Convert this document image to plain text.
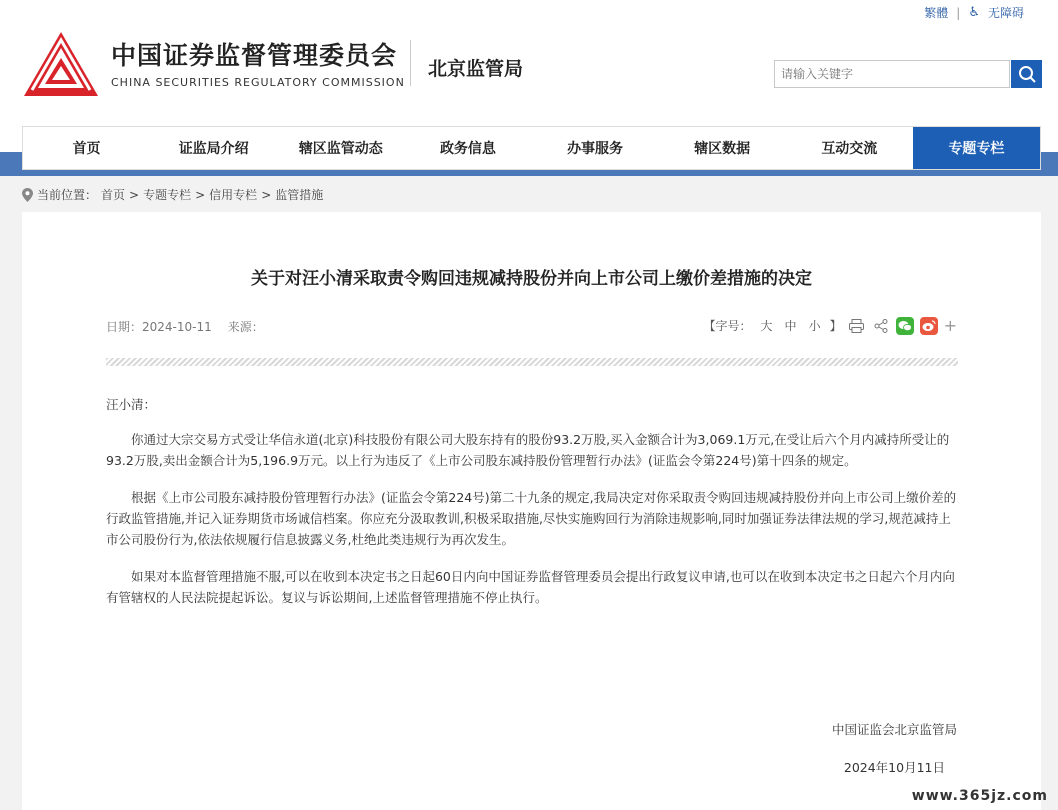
中国证券监督管理委员会
CHINA SECURITIES REGULATORY COMMISSION
北京监管局
繁體 | ♿ 无障碍
请输入关键字
首页	证监局介绍	辖区监管动态	政务信息	办事服务	辖区数据	互动交流	专题专栏
当前位置： 首页 > 专题专栏 > 信用专栏 > 监管措施
关于对汪小清采取责令购回违规减持股份并向上市公司上缴价差措施的决定
日期：2024-10-11 来源：	【字号： 大 中 小 】	+

汪小清：

你通过大宗交易方式受让华信永道(北京)科技股份有限公司大股东持有的股份93.2万股,买入金额合计为3,069.1万元,在受让后六个月内减持所受让的93.2万股,卖出金额合计为5,196.9万元。以上行为违反了《上市公司股东减持股份管理暂行办法》(证监会令第224号)第十四条的规定。

根据《上市公司股东减持股份管理暂行办法》(证监会令第224号)第二十九条的规定,我局决定对你采取责令购回违规减持股份并向上市公司上缴价差的行政监管措施,并记入证券期货市场诚信档案。你应充分汲取教训,积极采取措施,尽快实施购回行为消除违规影响,同时加强证券法律法规的学习,规范减持上市公司股份行为,依法依规履行信息披露义务,杜绝此类违规行为再次发生。

如果对本监督管理措施不服,可以在收到本决定书之日起60日内向中国证券监督管理委员会提出行政复议申请,也可以在收到本决定书之日起六个月内向有管辖权的人民法院提起诉讼。复议与诉讼期间,上述监督管理措施不停止执行。

中国证监会北京监管局
2024年10月11日
www.365jz.com
